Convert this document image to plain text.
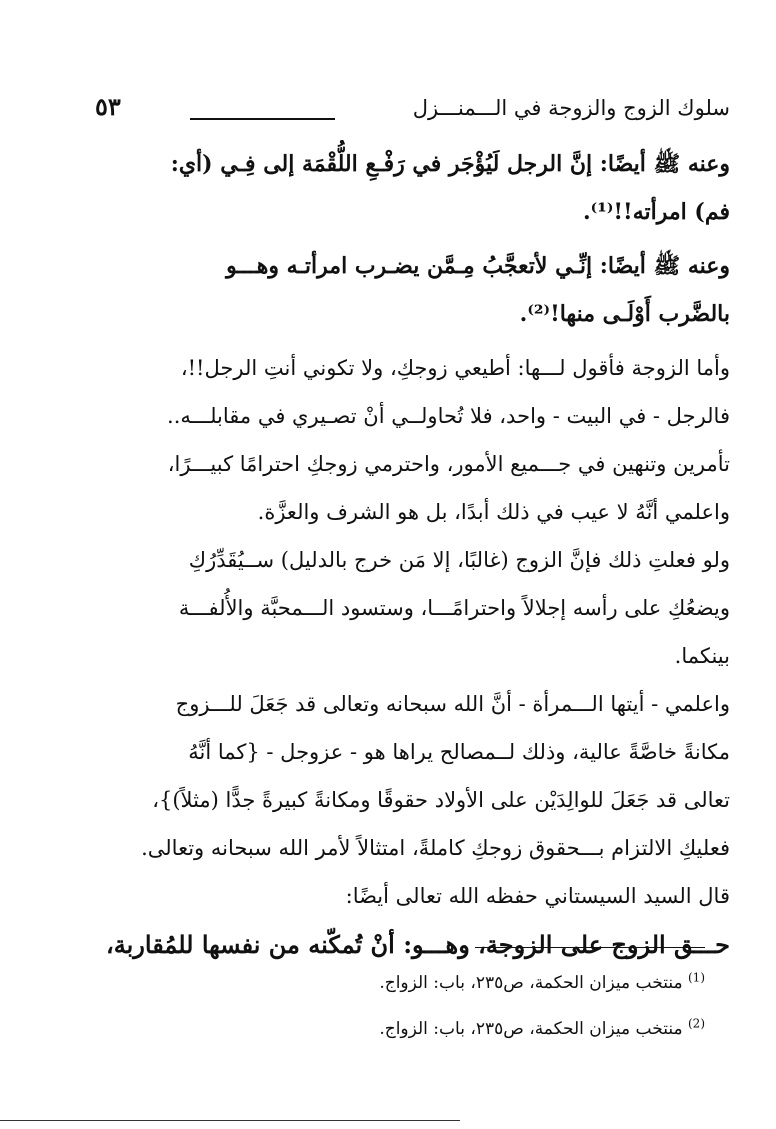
سلوك الزوج والزوجة في الـــمنـــزل
٥٣
وعنه ﷺ أيضًا: إنَّ الرجل لَيُؤْجَر في رَفْـعِ اللُّقْمَة إلى فِـي (أي:
فم) امرأته!!⁽¹⁾.
وعنه ﷺ أيضًا: إنِّـي لأتعجَّبُ مِـمَّن يضـرب امرأتـه وهـــو
بالضَّرب أَوْلَـى منها!⁽²⁾.
وأما الزوجة فأقول لـــها: أطيعي زوجكِ، ولا تكوني أنتِ الرجل!!،
فالرجل - في البيت - واحد، فلا تُحاولــي أنْ تصـيري في مقابلـــه..
تأمرين وتنهين في جـــميع الأمور، واحترمي زوجكِ احترامًا كبيـــرًا،
واعلمي أنَّهُ لا عيب في ذلك أبدًا، بل هو الشرف والعزَّة.
ولو فعلتِ ذلك فإنَّ الزوج (غالبًا، إلا مَن خرج بالدليل) ســيُقَدِّرُكِ
ويضعُكِ على رأسه إجلالاً واحترامًـــا، وستسود الـــمحبَّة والأُلفـــة
بينكما.
واعلمي - أيتها الـــمرأة - أنَّ الله سبحانه وتعالى قد جَعَلَ للـــزوج
مكانةً خاصَّةً عالية، وذلك لــمصالح يراها هو - عزوجل - {كما أنَّهُ
تعالى قد جَعَلَ للوالِدَيْن على الأولاد حقوقًا ومكانةً كبيرةً جدًّا (مثلاً)}،
فعليكِ الالتزام بـــحقوق زوجكِ كاملةً، امتثالاً لأمر الله سبحانه وتعالى.
قال السيد السيستاني حفظه الله تعالى أيضًا:
حـــق الزوج على الزوجة، وهـــو: أنْ تُمكّنه من نفسها للمُقاربة،
$^{(1)}$ منتخب ميزان الحكمة، ص٢٣٥، باب: الزواج.
$^{(2)}$ منتخب ميزان الحكمة، ص٢٣٥، باب: الزواج.
